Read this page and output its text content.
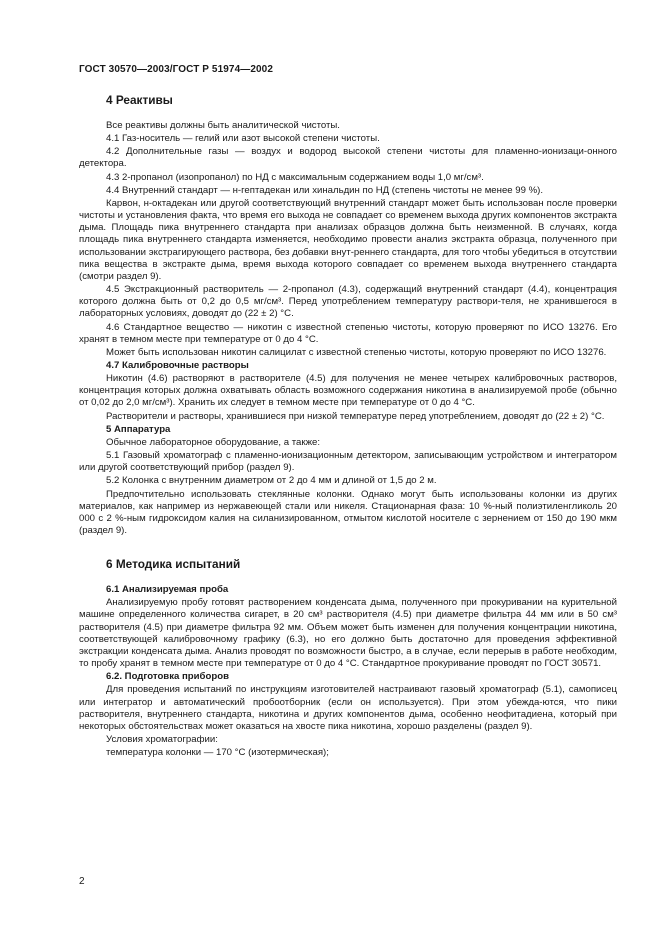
ГОСТ 30570—2003/ГОСТ Р 51974—2002
4 Реактивы
Все реактивы должны быть аналитической чистоты.
4.1 Газ-носитель — гелий или азот высокой степени чистоты.
4.2 Дополнительные газы — воздух и водород высокой степени чистоты для пламенно-ионизаци-онного детектора.
4.3 2-пропанол (изопропанол) по НД с максимальным содержанием воды 1,0 мг/см³.
4.4 Внутренний стандарт — н-гептадекан или хинальдин по НД (степень чистоты не менее 99 %).
Карвон, н-октадекан или другой соответствующий внутренний стандарт может быть использован после проверки чистоты и установления факта, что время его выхода не совпадает со временем выхода других компонентов экстракта дыма. Площадь пика внутреннего стандарта при анализах образцов должна быть неизменной. В случаях, когда площадь пика внутреннего стандарта изменяется, необходимо провести анализ экстракта образца, полученного при использовании экстрагирующего раствора, без добавки внут-реннего стандарта, для того чтобы убедиться в отсутствии пика вещества в экстракте дыма, время выхода которого совпадает со временем выхода внутреннего стандарта (смотри раздел 9).
4.5 Экстракционный растворитель — 2-пропанол (4.3), содержащий внутренний стандарт (4.4), концентрация которого должна быть от 0,2 до 0,5 мг/см³. Перед употреблением температуру раствори-теля, не хранившегося в лабораторных условиях, доводят до (22 ± 2) °С.
4.6 Стандартное вещество — никотин с известной степенью чистоты, которую проверяют по ИСО 13276. Его хранят в темном месте при температуре от 0 до 4 °С.
Может быть использован никотин салицилат с известной степенью чистоты, которую проверяют по ИСО 13276.
4.7 Калибровочные растворы
Никотин (4.6) растворяют в растворителе (4.5) для получения не менее четырех калибровочных растворов, концентрация которых должна охватывать область возможного содержания никотина в анализируемой пробе (обычно от 0,02 до 2,0 мг/см³). Хранить их следует в темном месте при температуре от 0 до 4 °С.
Растворители и растворы, хранившиеся при низкой температуре перед употреблением, доводят до (22 ± 2) °С.
5 Аппаратура
Обычное лабораторное оборудование, а также:
5.1 Газовый хроматограф с пламенно-ионизационным детектором, записывающим устройством и интегратором или другой соответствующий прибор (раздел 9).
5.2 Колонка с внутренним диаметром от 2 до 4 мм и длиной от 1,5 до 2 м.
Предпочтительно использовать стеклянные колонки. Однако могут быть использованы колонки из других материалов, как например из нержавеющей стали или никеля. Стационарная фаза: 10 %-ный полиэтиленгликоль 20 000 с 2 %-ным гидроксидом калия на силанизированном, отмытом кислотой носителе с зернением от 150 до 190 мкм (раздел 9).
6 Методика испытаний
6.1 Анализируемая проба
Анализируемую пробу готовят растворением конденсата дыма, полученного при прокуривании на курительной машине определенного количества сигарет, в 20 см³ растворителя (4.5) при диаметре фильтра 44 мм или в 50 см³ растворителя (4.5) при диаметре фильтра 92 мм. Объем может быть изменен для получения концентрации никотина, соответствующей калибровочному графику (6.3), но его должно быть достаточно для проведения эффективной экстракции конденсата дыма. Анализ проводят по возможности быстро, а в случае, если перерыв в работе необходим, то пробу хранят в темном месте при температуре от 0 до 4 °С. Стандартное прокуривание проводят по ГОСТ 30571.
6.2. Подготовка приборов
Для проведения испытаний по инструкциям изготовителей настраивают газовый хроматограф (5.1), самописец или интегратор и автоматический пробоотборник (если он используется). При этом убежда-ются, что пики растворителя, внутреннего стандарта, никотина и других компонентов дыма, особенно неофитадиена, который при некоторых обстоятельствах может оказаться на хвосте пика никотина, хорошо разделены (раздел 9).
Условия хроматографии:
температура колонки — 170 °С (изотермическая);
2
